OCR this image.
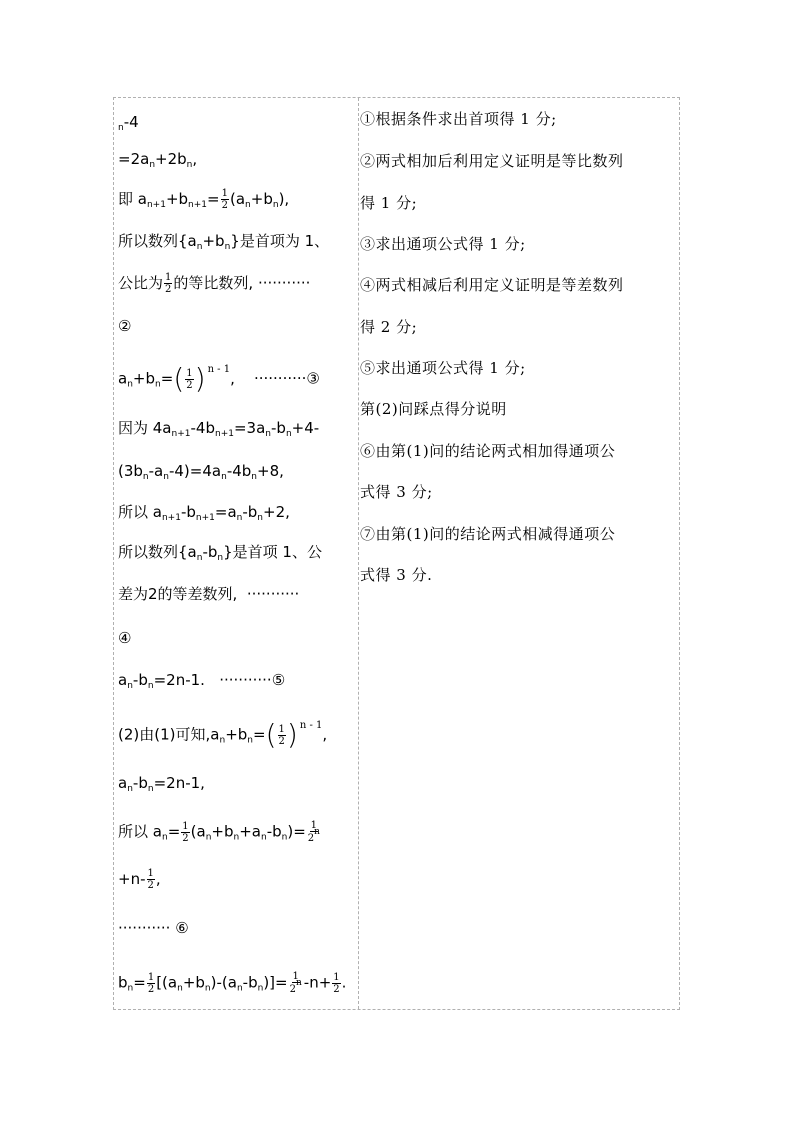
$_n$-4
$=2a_n+2b_n$,
即 $a_{n+1}+b_{n+1}= \frac{1}{2} (a_n+b_n)$,
所以数列$\{a_n+b_n\}$是首项为 1、
公比为 $\frac{1}{2}$ 的等比数列, ···········
②
$a_n+b_n=$ ( $\frac{1}{2}$ ) $^{n - 1}$, ···········③
因为 $4a_{n+1}-4b_{n+1}=3a_n-b_n+4-$
$(3b_n-a_n-4)=4a_n-4b_n+8$,
所以 $a_{n+1}-b_{n+1}=a_n-b_n+2$,
所以数列$\{a_n-b_n\}$是首项 1、公
差为2的等差数列, ···········
④
$a_n-b_n=2n-1$. ···········⑤
(2)由(1)可知$,a_n+b_n=$ ( $\frac{1}{2}$ ) $^{n - 1}$,
$a_n-b_n=2n-1$,
所以 $a_n= \frac{1}{2} (a_n+b_n+a_n-b_n)= \frac{1}{2^n}$
$+n- \frac{1}{2}$ ,
··········· ⑥
$b_n= \frac{1}{2} [(a_n+b_n)-(a_n-b_n)]= \frac{1}{2^n} -n+ \frac{1}{2}$ .
①根据条件求出首项得 1 分;
②两式相加后利用定义证明是等比数列
得 1 分;
③求出通项公式得 1 分;
④两式相减后利用定义证明是等差数列
得 2 分;
⑤求出通项公式得 1 分;
第(2)问踩点得分说明
⑥由第(1)问的结论两式相加得通项公
式得 3 分;
⑦由第(1)问的结论两式相减得通项公
式得 3 分.
